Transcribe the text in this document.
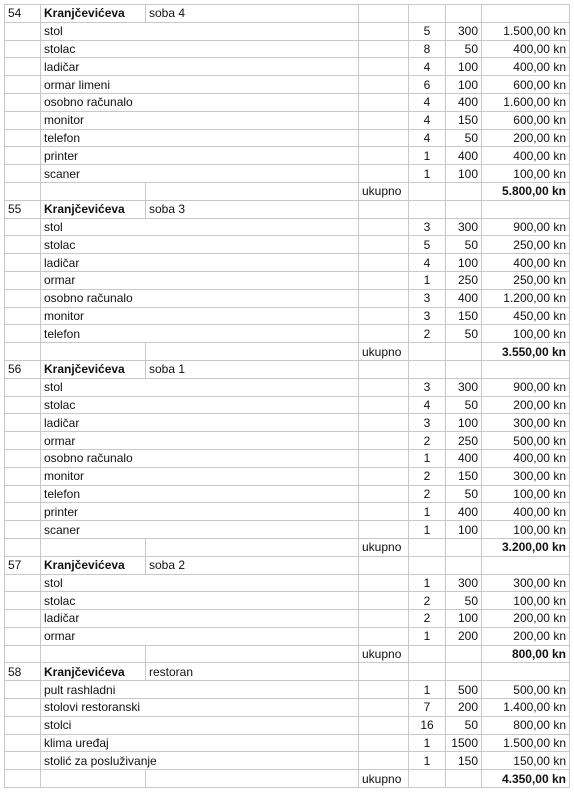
54	Kranjčevićeva	soba 4				
	stol			5	300	1.500,00 kn
	stolac			8	50	400,00 kn
	ladičar			4	100	400,00 kn
	ormar limeni			6	100	600,00 kn
	osobno računalo			4	400	1.600,00 kn
	monitor			4	150	600,00 kn
	telefon			4	50	200,00 kn
	printer			1	400	400,00 kn
	scaner			1	100	100,00 kn
			ukupno			5.800,00 kn
55	Kranjčevićeva	soba 3				
	stol			3	300	900,00 kn
	stolac			5	50	250,00 kn
	ladičar			4	100	400,00 kn
	ormar			1	250	250,00 kn
	osobno računalo			3	400	1.200,00 kn
	monitor			3	150	450,00 kn
	telefon			2	50	100,00 kn
			ukupno			3.550,00 kn
56	Kranjčevićeva	soba 1				
	stol			3	300	900,00 kn
	stolac			4	50	200,00 kn
	ladičar			3	100	300,00 kn
	ormar			2	250	500,00 kn
	osobno računalo			1	400	400,00 kn
	monitor			2	150	300,00 kn
	telefon			2	50	100,00 kn
	printer			1	400	400,00 kn
	scaner			1	100	100,00 kn
			ukupno			3.200,00 kn
57	Kranjčevićeva	soba 2				
	stol			1	300	300,00 kn
	stolac			2	50	100,00 kn
	ladičar			2	100	200,00 kn
	ormar			1	200	200,00 kn
			ukupno			800,00 kn
58	Kranjčevićeva	restoran				
	pult rashladni			1	500	500,00 kn
	stolovi restoranski			7	200	1.400,00 kn
	stolci			16	50	800,00 kn
	klima uređaj			1	1500	1.500,00 kn
	stolić za posluživanje			1	150	150,00 kn
			ukupno			4.350,00 kn
